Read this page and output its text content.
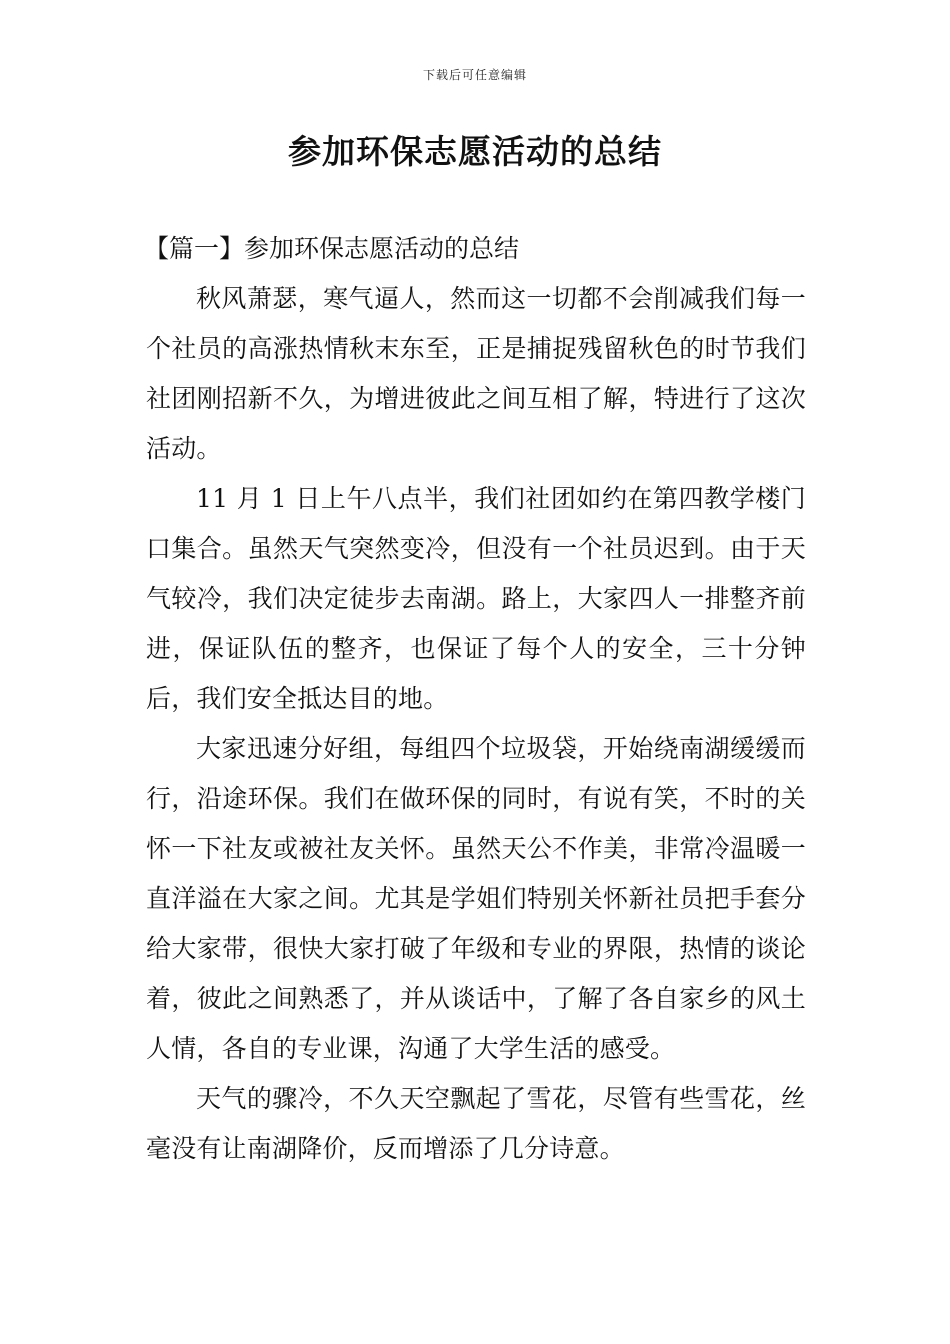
下载后可任意编辑
参加环保志愿活动的总结

【篇一】参加环保志愿活动的总结

秋风萧瑟，寒气逼人，然而这一切都不会削减我们每一个社员的高涨热情秋末东至，正是捕捉残留秋色的时节我们社团刚招新不久，为增进彼此之间互相了解，特进行了这次活动。

11 月 1 日上午八点半，我们社团如约在第四教学楼门口集合。虽然天气突然变冷，但没有一个社员迟到。由于天气较冷，我们决定徒步去南湖。路上，大家四人一排整齐前进，保证队伍的整齐，也保证了每个人的安全，三十分钟后，我们安全抵达目的地。

大家迅速分好组，每组四个垃圾袋，开始绕南湖缓缓而行，沿途环保。我们在做环保的同时，有说有笑，不时的关怀一下社友或被社友关怀。虽然天公不作美，非常冷温暖一直洋溢在大家之间。尤其是学姐们特别关怀新社员把手套分给大家带，很快大家打破了年级和专业的界限，热情的谈论着，彼此之间熟悉了，并从谈话中，了解了各自家乡的风土人情，各自的专业课，沟通了大学生活的感受。

天气的骤冷，不久天空飘起了雪花，尽管有些雪花，丝毫没有让南湖降价，反而增添了几分诗意。
